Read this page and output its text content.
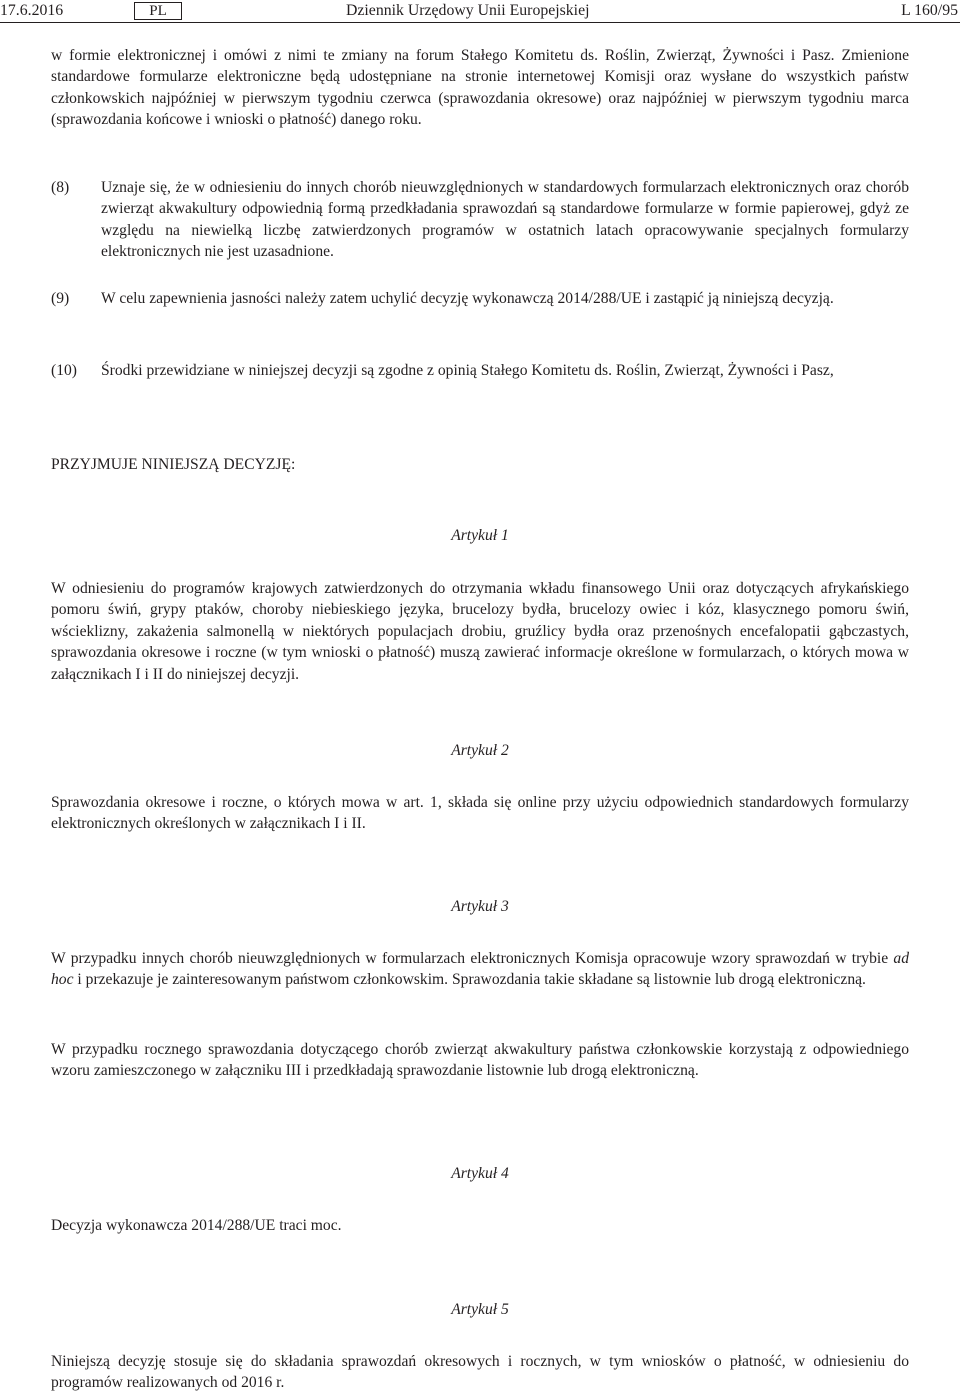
17.6.2016	PL	Dziennik Urzędowy Unii Europejskiej	L 160/95

w formie elektronicznej i omówi z nimi te zmiany na forum Stałego Komitetu ds. Roślin, Zwierząt, Żywności i Pasz. Zmienione standardowe formularze elektroniczne będą udostępniane na stronie internetowej Komisji oraz wysłane do wszystkich państw członkowskich najpóźniej w pierwszym tygodniu czerwca (sprawozdania okresowe) oraz najpóźniej w pierwszym tygodniu marca (sprawozdania końcowe i wnioski o płatność) danego roku.

(8) Uznaje się, że w odniesieniu do innych chorób nieuwzględnionych w standardowych formularzach elektronicznych oraz chorób zwierząt akwakultury odpowiednią formą przedkładania sprawozdań są standardowe formularze w formie papierowej, gdyż ze względu na niewielką liczbę zatwierdzonych programów w ostatnich latach opracowywanie specjalnych formularzy elektronicznych nie jest uzasadnione.

(9) W celu zapewnienia jasności należy zatem uchylić decyzję wykonawczą 2014/288/UE i zastąpić ją niniejszą decyzją.

(10) Środki przewidziane w niniejszej decyzji są zgodne z opinią Stałego Komitetu ds. Roślin, Zwierząt, Żywności i Pasz,

PRZYJMUJE NINIEJSZĄ DECYZJĘ:

Artykuł 1

W odniesieniu do programów krajowych zatwierdzonych do otrzymania wkładu finansowego Unii oraz dotyczących afrykańskiego pomoru świń, grypy ptaków, choroby niebieskiego języka, brucelozy bydła, brucelozy owiec i kóz, klasycznego pomoru świń, wścieklizny, zakażenia salmonellą w niektórych populacjach drobiu, gruźlicy bydła oraz przenośnych encefalopatii gąbczastych, sprawozdania okresowe i roczne (w tym wnioski o płatność) muszą zawierać informacje określone w formularzach, o których mowa w załącznikach I i II do niniejszej decyzji.

Artykuł 2

Sprawozdania okresowe i roczne, o których mowa w art. 1, składa się online przy użyciu odpowiednich standardowych formularzy elektronicznych określonych w załącznikach I i II.

Artykuł 3

W przypadku innych chorób nieuwzględnionych w formularzach elektronicznych Komisja opracowuje wzory sprawozdań w trybie ad hoc i przekazuje je zainteresowanym państwom członkowskim. Sprawozdania takie składane są listownie lub drogą elektroniczną.

W przypadku rocznego sprawozdania dotyczącego chorób zwierząt akwakultury państwa członkowskie korzystają z odpowiedniego wzoru zamieszczonego w załączniku III i przedkładają sprawozdanie listownie lub drogą elektroniczną.

Artykuł 4

Decyzja wykonawcza 2014/288/UE traci moc.

Artykuł 5

Niniejszą decyzję stosuje się do składania sprawozdań okresowych i rocznych, w tym wniosków o płatność, w odniesieniu do programów realizowanych od 2016 r.
